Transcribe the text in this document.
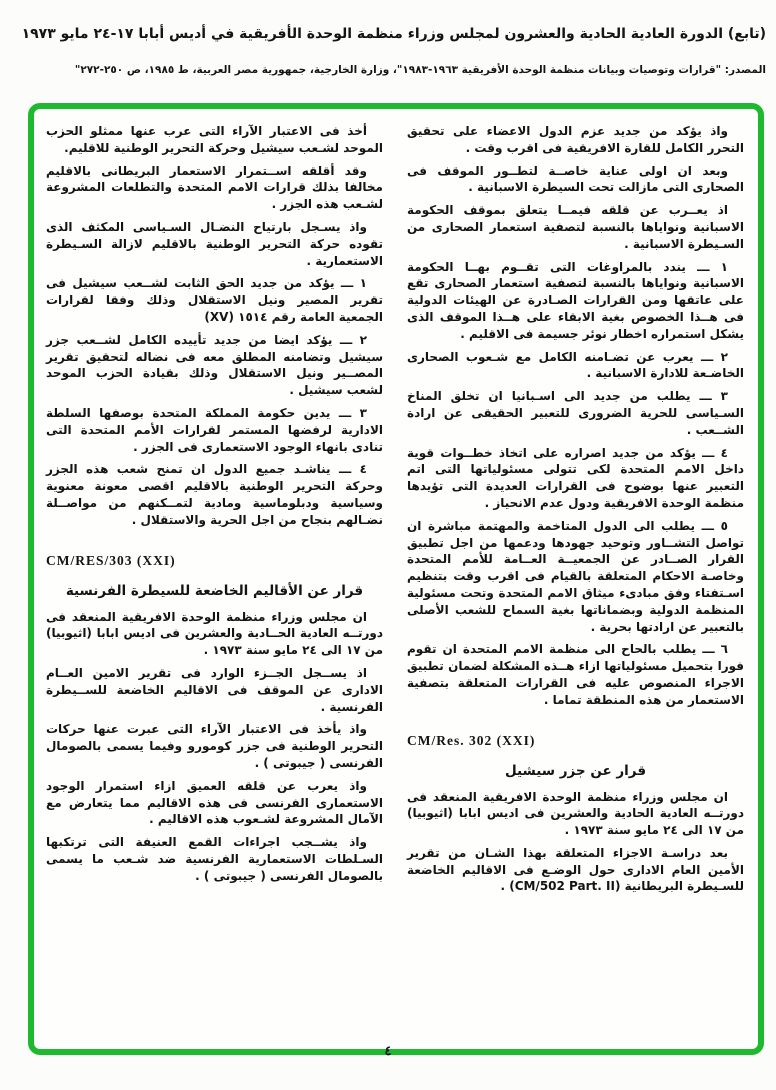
(تابع) الدورة العادية الحادية والعشرون لمجلس وزراء منظمة الوحدة الأفريقية في أديس أبابا ١٧-٢٤ مايو ١٩٧٣
المصدر: "قرارات وتوصيات وبيانات منظمة الوحدة الأفريقية ١٩٦٣-١٩٨٣"، وزارة الخارجية، جمهورية مصر العربية، ط ١٩٨٥، ص ٢٥٠-٢٧٢"

أخذ فى الاعتبار الآراء التى عرب عنها ممثلو الحزب الموحد لشـعب سيشيل وحركة التحرير الوطنية للاقليم.

وقد أقلقه اســتمرار الاستعمار البريطانى بالاقليم مخالفا بذلك قرارات الامم المتحدة والتطلعات المشروعة لشـعب هذه الجزر .

واذ يسـجل بارتياح النضـال السـياسى المكثف الذى تقوده حركة التحرير الوطنية بالاقليم لازالة السـيطرة الاستعمارية .

١ ـــ يؤكد من جديد الحق الثابت لشــعب سيشيل فى تقرير المصير ونيل الاستقلال وذلك وفقا لقرارات الجمعية العامة رقم ١٥١٤ (XV)

٢ ـــ يؤكد ايضا من جديد تأييده الكامل لشــعب جزر سيشيل وتضامنه المطلق معه فى نضاله لتحقيق تقرير المصــير ونيل الاستقلال وذلك بقيادة الحزب الموحد لشعب سيشيل .

٣ ـــ يدين حكومة المملكة المتحدة بوصفها السلطة الادارية لرفضها المستمر لقرارات الأمم المتحدة التى تنادى بانهاء الوجود الاستعمارى فى الجزر .

٤ ـــ يناشـد جميع الدول ان تمنح شعب هذه الجزر وحركة التحرير الوطنية بالاقليم اقصى معونة معنوية وسياسية ودبلوماسية ومادية لتمــكنهم من مواصــلة نضـالهم بنجاح من اجل الحرية والاستقلال .

CM/RES/303 (XXI)
قرار عن الأقاليم الخاضعة للسيطرة الفرنسية

ان مجلس وزراء منظمة الوحدة الافريقية المنعقد فى دورتــه العادية الحــادية والعشرين فى اديس ابابا (اثيوبيا) من ١٧ الى ٢٤ مايو سنة ١٩٧٣ .

اذ يســجل الجــزء الوارد فى تقرير الامين العــام الادارى عن الموقف فى الاقاليم الخاضعة للســيطرة الفرنسية .

واذ يأخذ فى الاعتبار الآراء التى عبرت عنها حركات التحرير الوطنية فى جزر كومورو وفيما يسمى بالصومال الفرنسى ( جيبوتى ) .

واذ يعرب عن قلقه العميق ازاء استمرار الوجود الاستعمارى الفرنسى فى هذه الاقاليم مما يتعارض مع الآمال المشروعة لشـعوب هذه الاقاليم .

واذ يشــجب اجراءات القمع العنيفة التى ترتكبها السـلطات الاستعمارية الفرنسية ضد شـعب ما يسمى بالصومال الفرنسى ( جيبوتى ) .

واذ يؤكد من جديد عزم الدول الاعضاء على تحقيق التحرر الكامل للقارة الافريقية فى اقرب وقت .

وبعد ان اولى عناية خاصــة لتطــور الموقف فى الصحارى التى مازالت تحت السيطرة الاسبانية .

اذ يعــرب عن قلقه فيمــا يتعلق بموقف الحكومة الاسبانية ونواياها بالنسبة لتصفية استعمار الصحارى من السـيطرة الاسبانية .

١ ـــ يندد بالمراوغات التى تقــوم بهــا الحكومة الاسبانية ونواياها بالنسبة لتصفية استعمار الصحارى تقع على عاتقها ومن القرارات الصـادرة عن الهيئات الدولية فى هــذا الخصوص بغية الابقاء على هــذا الموقف الذى يشكل استمراره اخطار نوئر جسيمة فى الاقليم .

٢ ـــ يعرب عن تضـامنه الكامل مع شـعوب الصحارى الخاضـعة للادارة الاسبانية .

٣ ـــ يطلب من جديد الى اسـبانيا ان تخلق المناخ السـياسى للحرية الضرورى للتعبير الحقيقى عن ارادة الشــعب .

٤ ـــ يؤكد من جديد اصراره على اتخاذ خطــوات قوية داخل الامم المتحدة لكى تتولى مسئولياتها التى اتم التعبير عنها بوضوح فى القرارات العديدة التى تؤيدها منظمة الوحدة الافريقية ودول عدم الانحياز .

٥ ـــ يطلب الى الدول المتاخمة والمهتمة مباشرة ان تواصل التشــاور وتوحيد جهودها ودعمها من اجل تطبيق القرار الصــادر عن الجمعيــة العــامة للأمم المتحدة وخاصـة الاحكام المتعلقة بالقيام فى اقرب وقت بتنظيم اسـتفتاء وفق مبادىء ميثاق الامم المتحدة وتحت مسئولية المنظمة الدولية وبضماناتها بغية السماح للشعب الأصلى بالتعبير عن ارادتها بحرية .

٦ ـــ يطلب بالحاح الى منظمة الامم المتحدة ان تقوم فورا بتحميل مسئولياتها ازاء هــذه المشكلة لضمان تطبيق الاجراء المنصوص عليه فى القرارات المتعلقة بتصفية الاستعمار من هذه المنطقة تماما .

CM/Res. 302 (XXI)
قرار عن جزر سيشيل

ان مجلس وزراء منظمة الوحدة الافريقية المنعقد فى دورتــه العادية الحادية والعشرين فى اديس ابابا (اثيوبيا) من ١٧ الى ٢٤ مايو سنة ١٩٧٣ .

بعد دراسـة الاجزاء المتعلقة بهذا الشـان من تقرير الأمين العام الادارى حول الوضـع فى الاقاليم الخاضعة للسـيطرة البريطانية (CM/502 Part. II) .

٤
